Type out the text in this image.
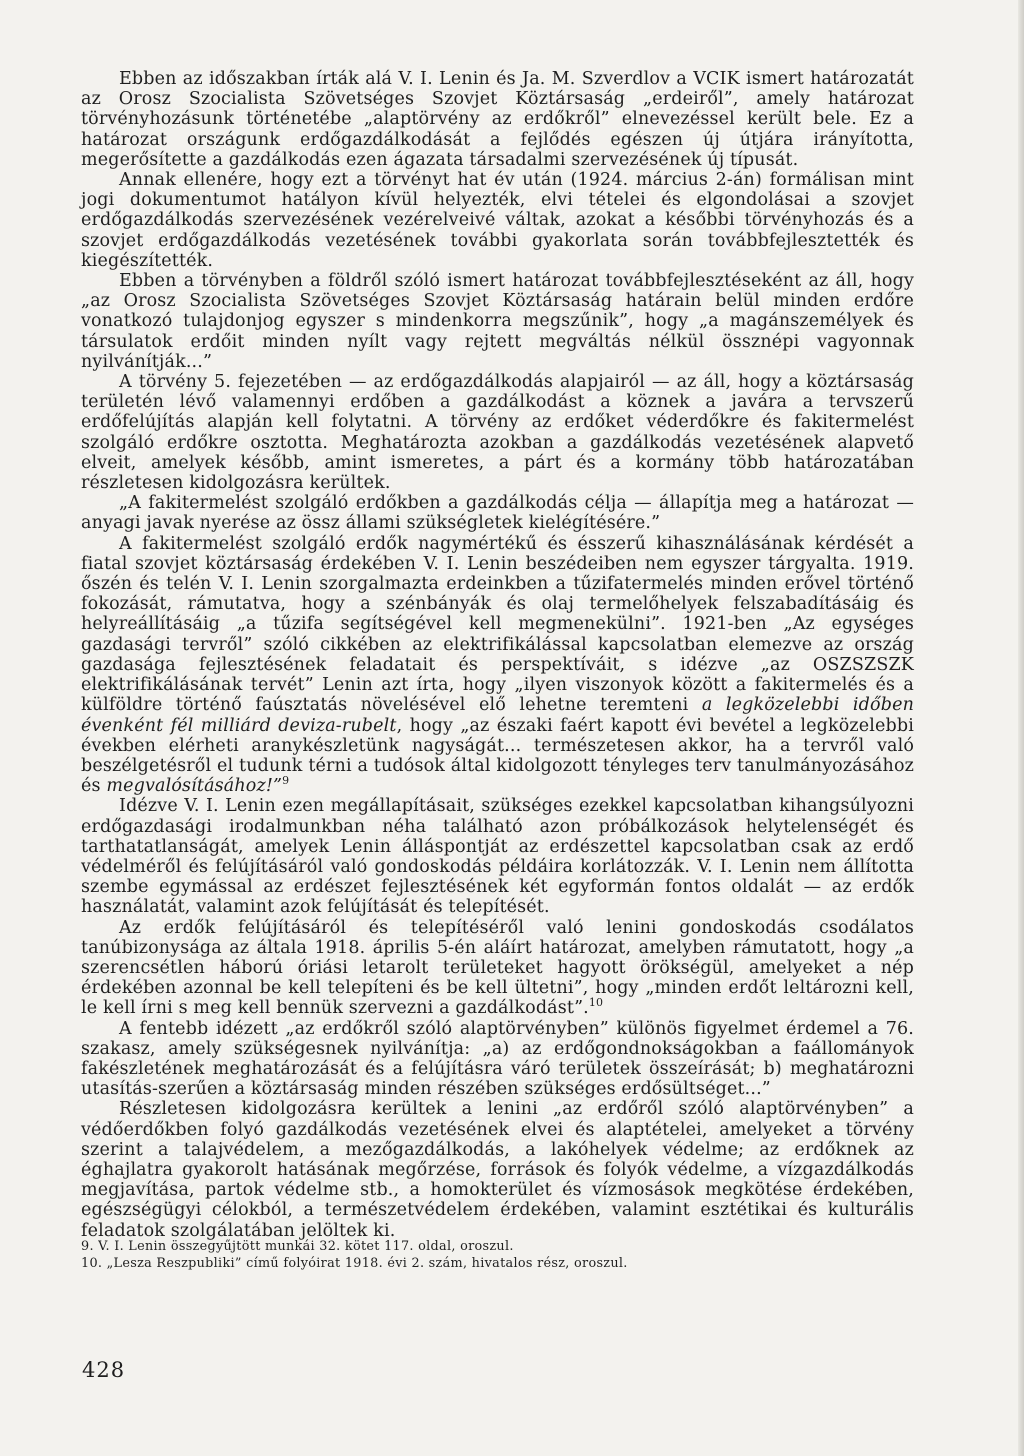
Ebben az időszakban írták alá V. I. Lenin és Ja. M. Szverdlov a VCIK ismert határozatát az Orosz Szocialista Szövetséges Szovjet Köztársaság „erdeiről”, amely határozat törvényhozásunk történetébe „alaptörvény az erdőkről” elnevezéssel került bele. Ez a határozat országunk erdőgazdálkodását a fejlődés egészen új útjára irányította, megerősítette a gazdálkodás ezen ágazata társadalmi szervezésének új típusát.

Annak ellenére, hogy ezt a törvényt hat év után (1924. március 2-án) formálisan mint jogi dokumentumot hatályon kívül helyezték, elvi tételei és elgondolásai a szovjet erdőgazdálkodás szervezésének vezérelveivé váltak, azokat a későbbi törvényhozás és a szovjet erdőgazdálkodás vezetésének további gyakorlata során továbbfejlesztették és kiegészítették.

Ebben a törvényben a földről szóló ismert határozat továbbfejlesztéseként az áll, hogy „az Orosz Szocialista Szövetséges Szovjet Köztársaság határain belül minden erdőre vonatkozó tulajdonjog egyszer s mindenkorra megszűnik”, hogy „a magánszemélyek és társulatok erdőit minden nyílt vagy rejtett megváltás nélkül össznépi vagyonnak nyilvánítják...”

A törvény 5. fejezetében — az erdőgazdálkodás alapjairól — az áll, hogy a köztársaság területén lévő valamennyi erdőben a gazdálkodást a köznek a javára a tervszerű erdőfelújítás alapján kell folytatni. A törvény az erdőket véderdőkre és fakitermelést szolgáló erdőkre osztotta. Meghatározta azokban a gazdálkodás vezetésének alapvető elveit, amelyek később, amint ismeretes, a párt és a kormány több határozatában részletesen kidolgozásra kerültek.

„A fakitermelést szolgáló erdőkben a gazdálkodás célja — állapítja meg a határozat — anyagi javak nyerése az össz állami szükségletek kielégítésére.”

A fakitermelést szolgáló erdők nagymértékű és ésszerű kihasználásának kérdését a fiatal szovjet köztársaság érdekében V. I. Lenin beszédeiben nem egyszer tárgyalta. 1919. őszén és telén V. I. Lenin szorgalmazta erdeinkben a tűzifatermelés minden erővel történő fokozását, rámutatva, hogy a szénbányák és olaj termelőhelyek felszabadításáig és helyreállításáig „a tűzifa segítségével kell megmenekülni”. 1921-ben „Az egységes gazdasági tervről” szóló cikkében az elektrifikálással kapcsolatban elemezve az ország gazdasága fejlesztésének feladatait és perspektíváit, s idézve „az OSZSZSZK elektrifikálásának tervét” Lenin azt írta, hogy „ilyen viszonyok között a fakitermelés és a külföldre történő faúsztatás növelésével elő lehetne teremteni a legközelebbi időben évenként fél milliárd deviza-rubelt, hogy „az északi faért kapott évi bevétel a legközelebbi években elérheti aranykészletünk nagyságát... természetesen akkor, ha a tervről való beszélgetésről el tudunk térni a tudósok által kidolgozott tényleges terv tanulmányozásához és megvalósításához!”$^9$

Idézve V. I. Lenin ezen megállapításait, szükséges ezekkel kapcsolatban kihangsúlyozni erdőgazdasági irodalmunkban néha található azon próbálkozások helytelenségét és tarthatatlanságát, amelyek Lenin álláspontját az erdészettel kapcsolatban csak az erdő védelméről és felújításáról való gondoskodás példáira korlátozzák. V. I. Lenin nem állította szembe egymással az erdészet fejlesztésének két egyformán fontos oldalát — az erdők használatát, valamint azok felújítását és telepítését.

Az erdők felújításáról és telepítéséről való lenini gondoskodás csodálatos tanúbizonysága az általa 1918. április 5-én aláírt határozat, amelyben rámutatott, hogy „a szerencsétlen háború óriási letarolt területeket hagyott örökségül, amelyeket a nép érdekében azonnal be kell telepíteni és be kell ültetni”, hogy „minden erdőt leltározni kell, le kell írni s meg kell bennük szervezni a gazdálkodást”.$^{10}$

A fentebb idézett „az erdőkről szóló alaptörvényben” különös figyelmet érdemel a 76. szakasz, amely szükségesnek nyilvánítja: „a) az erdőgondnokságokban a faállományok fakészletének meghatározását és a felújításra váró területek összeírását; b) meghatározni utasítás-szerűen a köztársaság minden részében szükséges erdősültséget...”

Részletesen kidolgozásra kerültek a lenini „az erdőről szóló alaptörvényben” a védőerdőkben folyó gazdálkodás vezetésének elvei és alaptételei, amelyeket a törvény szerint a talajvédelem, a mezőgazdálkodás, a lakóhelyek védelme; az erdőknek az éghajlatra gyakorolt hatásának megőrzése, források és folyók védelme, a vízgazdálkodás megjavítása, partok védelme stb., a homokterület és vízmosások megkötése érdekében, egészségügyi célokból, a természetvédelem érdekében, valamint esztétikai és kulturális feladatok szolgálatában jelöltek ki.

9. V. I. Lenin összegyűjtött munkái 32. kötet 117. oldal, oroszul.

10. „Lesza Reszpubliki” című folyóirat 1918. évi 2. szám, hivatalos rész, oroszul.

428
